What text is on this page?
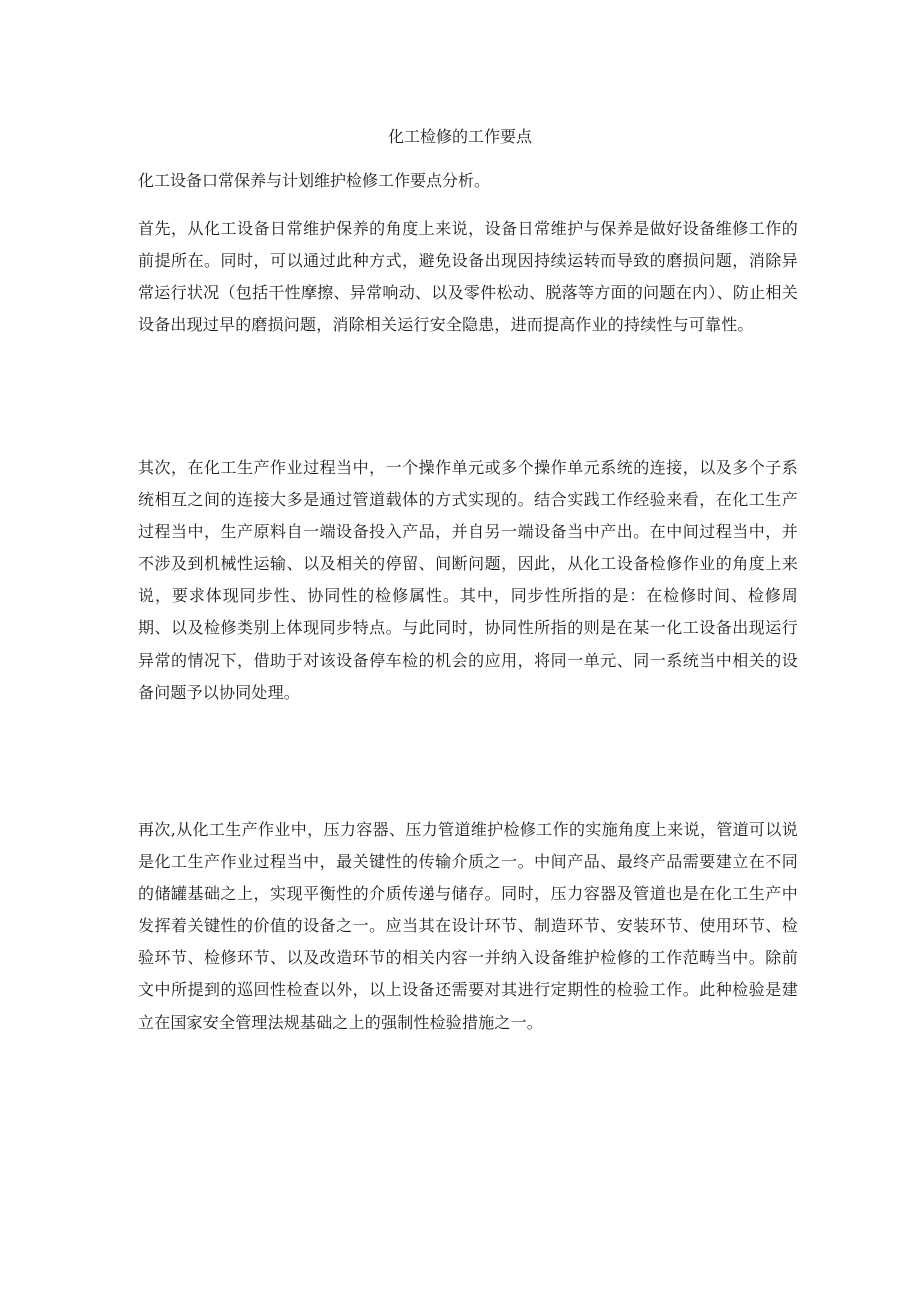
化工检修的工作要点

化工设备口常保养与计划维护检修工作要点分析。

首先，从化工设备日常维护保养的角度上来说，设备日常维护与保养是做好设备维修工作的前提所在。同时，可以通过此种方式，避免设备出现因持续运转而导致的磨损问题，消除异常运行状况（包括干性摩擦、异常响动、以及零件松动、脱落等方面的问题在内）、防止相关设备出现过早的磨损问题，消除相关运行安全隐患，进而提高作业的持续性与可靠性。

其次，在化工生产作业过程当中，一个操作单元或多个操作单元系统的连接，以及多个子系统相互之间的连接大多是通过管道载体的方式实现的。结合实践工作经验来看，在化工生产过程当中，生产原料自一端设备投入产品，并自另一端设备当中产出。在中间过程当中，并不涉及到机械性运输、以及相关的停留、间断问题，因此，从化工设备检修作业的角度上来说，要求体现同步性、协同性的检修属性。其中，同步性所指的是：在检修时间、检修周期、以及检修类别上体现同步特点。与此同时，协同性所指的则是在某一化工设备出现运行异常的情况下，借助于对该设备停车检的机会的应用，将同一单元、同一系统当中相关的设备问题予以协同处理。

再次,从化工生产作业中，压力容器、压力管道维护检修工作的实施角度上来说，管道可以说是化工生产作业过程当中，最关键性的传输介质之一。中间产品、最终产品需要建立在不同的储罐基础之上，实现平衡性的介质传递与储存。同时，压力容器及管道也是在化工生产中发挥着关键性的价值的设备之一。应当其在设计环节、制造环节、安装环节、使用环节、检验环节、检修环节、以及改造环节的相关内容一并纳入设备维护检修的工作范畴当中。除前文中所提到的巡回性检查以外，以上设备还需要对其进行定期性的检验工作。此种检验是建立在国家安全管理法规基础之上的强制性检验措施之一。
